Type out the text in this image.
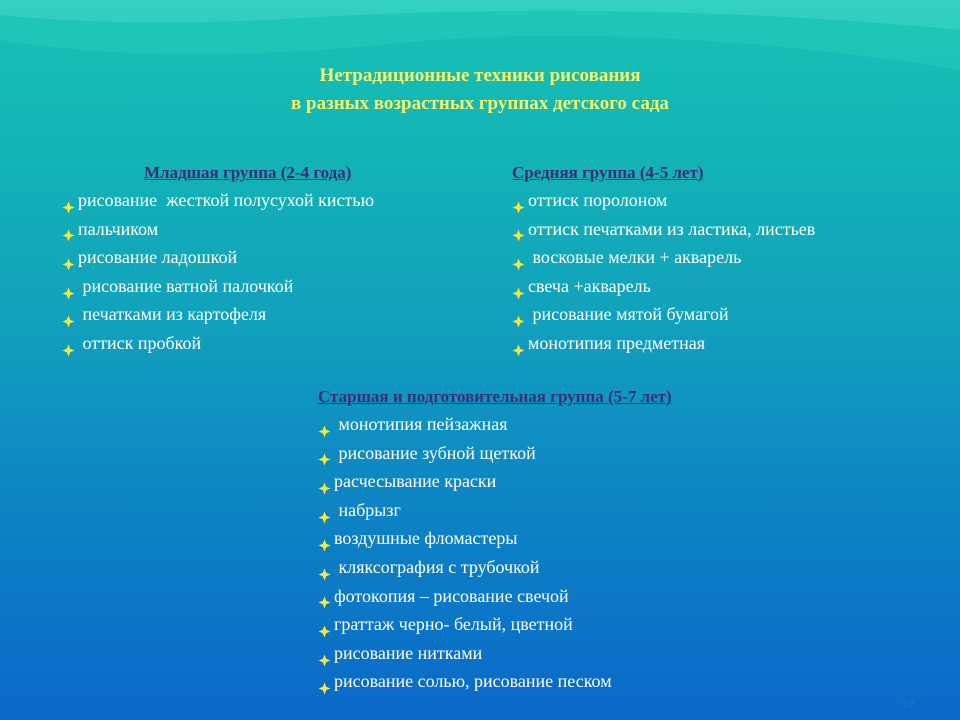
Нетрадиционные техники рисования
в разных возрастных группах детского сада
Младшая группа (2-4 года)
рисование  жесткой полусухой кистью
пальчиком
рисование ладошкой
рисование ватной палочкой
печатками из картофеля
оттиск пробкой
Средняя группа (4-5 лет)
оттиск поролоном
оттиск печатками из ластика, листьев
восковые мелки + акварель
свеча +акварель
рисование мятой бумагой
монотипия предметная
Старшая и подготовительная группа (5-7 лет)
монотипия пейзажная
рисование зубной щеткой
расчесывание краски
набрызг
воздушные фломастеры
кляксография с трубочкой
фотокопия – рисование свечой
граттаж черно- белый, цветной
рисование нитками
рисование солью, рисование песком
12
